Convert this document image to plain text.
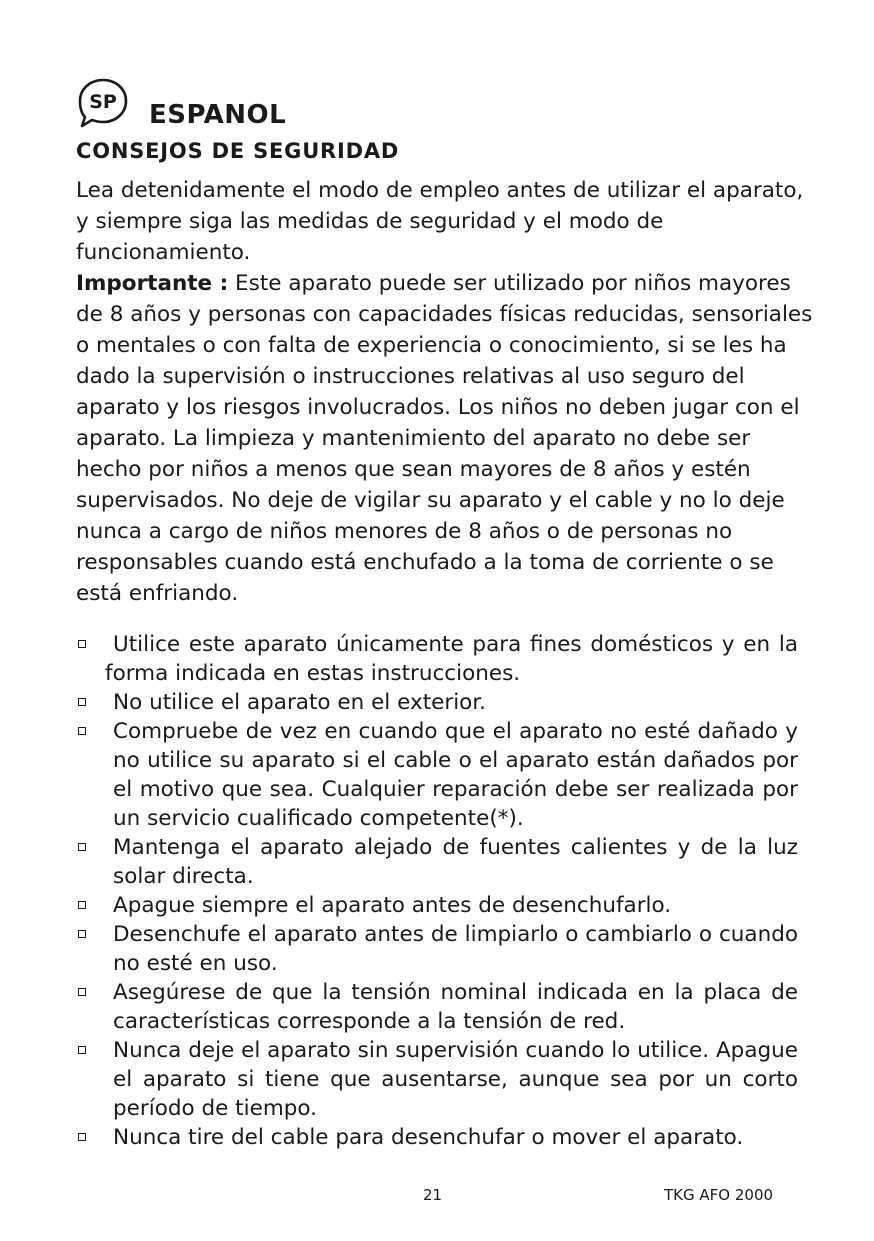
SP ESPANOL
CONSEJOS DE SEGURIDAD

Lea detenidamente el modo de empleo antes de utilizar el aparato, y siempre siga las medidas de seguridad y el modo de funcionamiento.
Importante : Este aparato puede ser utilizado por niños mayores de 8 años y personas con capacidades físicas reducidas, sensoriales o mentales o con falta de experiencia o conocimiento, si se les ha dado la supervisión o instrucciones relativas al uso seguro del aparato y los riesgos involucrados. Los niños no deben jugar con el aparato. La limpieza y mantenimiento del aparato no debe ser hecho por niños a menos que sean mayores de 8 años y estén supervisados. No deje de vigilar su aparato y el cable y no lo deje nunca a cargo de niños menores de 8 años o de personas no responsables cuando está enchufado a la toma de corriente o se está enfriando.

Utilice este aparato únicamente para fines domésticos y en la forma indicada en estas instrucciones.
No utilice el aparato en el exterior.
Compruebe de vez en cuando que el aparato no esté dañado y no utilice su aparato si el cable o el aparato están dañados por el motivo que sea. Cualquier reparación debe ser realizada por un servicio cualificado competente(*).
Mantenga el aparato alejado de fuentes calientes y de la luz solar directa.
Apague siempre el aparato antes de desenchufarlo.
Desenchufe el aparato antes de limpiarlo o cambiarlo o cuando no esté en uso.
Asegúrese de que la tensión nominal indicada en la placa de características corresponde a la tensión de red.
Nunca deje el aparato sin supervisión cuando lo utilice. Apague el aparato si tiene que ausentarse, aunque sea por un corto período de tiempo.
Nunca tire del cable para desenchufar o mover el aparato.
21	TKG AFO 2000
